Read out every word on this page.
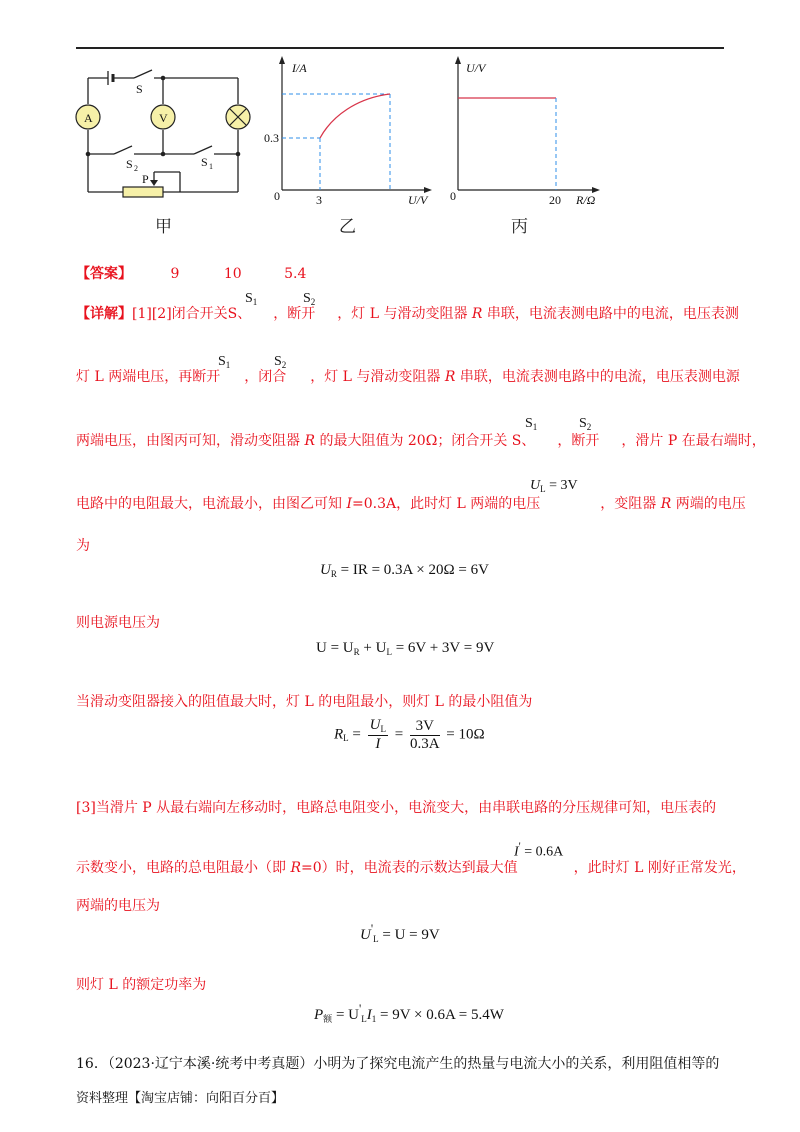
A	V
S
S 2	S 1
P
甲
I/A
U/V
0
0.3
3
乙
U/V
R/Ω
0	20
丙
【答案】	9	10	5.4
【详解】[1][2]闭合开关S、 ，断开 ，灯 L 与滑动变阻器 R 串联，电流表测电路中的电流，电压表测
$S_1$	$S_2$
灯 L 两端电压，再断开 ，闭合 ，灯 L 与滑动变阻器 R 串联，电流表测电路中的电流，电压表测电源
$S_1$	$S_2$
两端电压，由图丙可知，滑动变阻器 R 的最大阻值为 20Ω；闭合开关 S、 ，断开 ，滑片 P 在最右端时，
$S_1$	$S_2$
电路中的电阻最大，电流最小，由图乙可知 I=0.3A，此时灯 L 两端的电压	，变阻器 R 两端的电压
$U_L = 3V$
为
$U_R$ = IR = 0.3A × 20Ω = 6V
则电源电压为
$U = U_R + U_L = 6V + 3V = 9V$
当滑动变阻器接入的阻值最大时，灯 L 的电阻最小，则灯 L 的最小阻值为
$R_L = \frac{U_L}{I} = \frac{3V}{0.3A} = 10\Omega$
[3]当滑片 P 从最右端向左移动时，电路总电阻变小，电流变大，由串联电路的分压规律可知，电压表的
示数变小，电路的总电阻最小（即 R=0）时，电流表的示数达到最大值	，此时灯 L 刚好正常发光，
I' = 0.6A
两端的电压为
$U'_L = U = 9V$
则灯 L 的额定功率为
$P_额 = U'_LI_1 = 9V \times 0.6A = 5.4W$
16．（2023·辽宁本溪·统考中考真题）小明为了探究电流产生的热量与电流大小的关系，利用阻值相等的
资料整理【淘宝店铺：向阳百分百】
